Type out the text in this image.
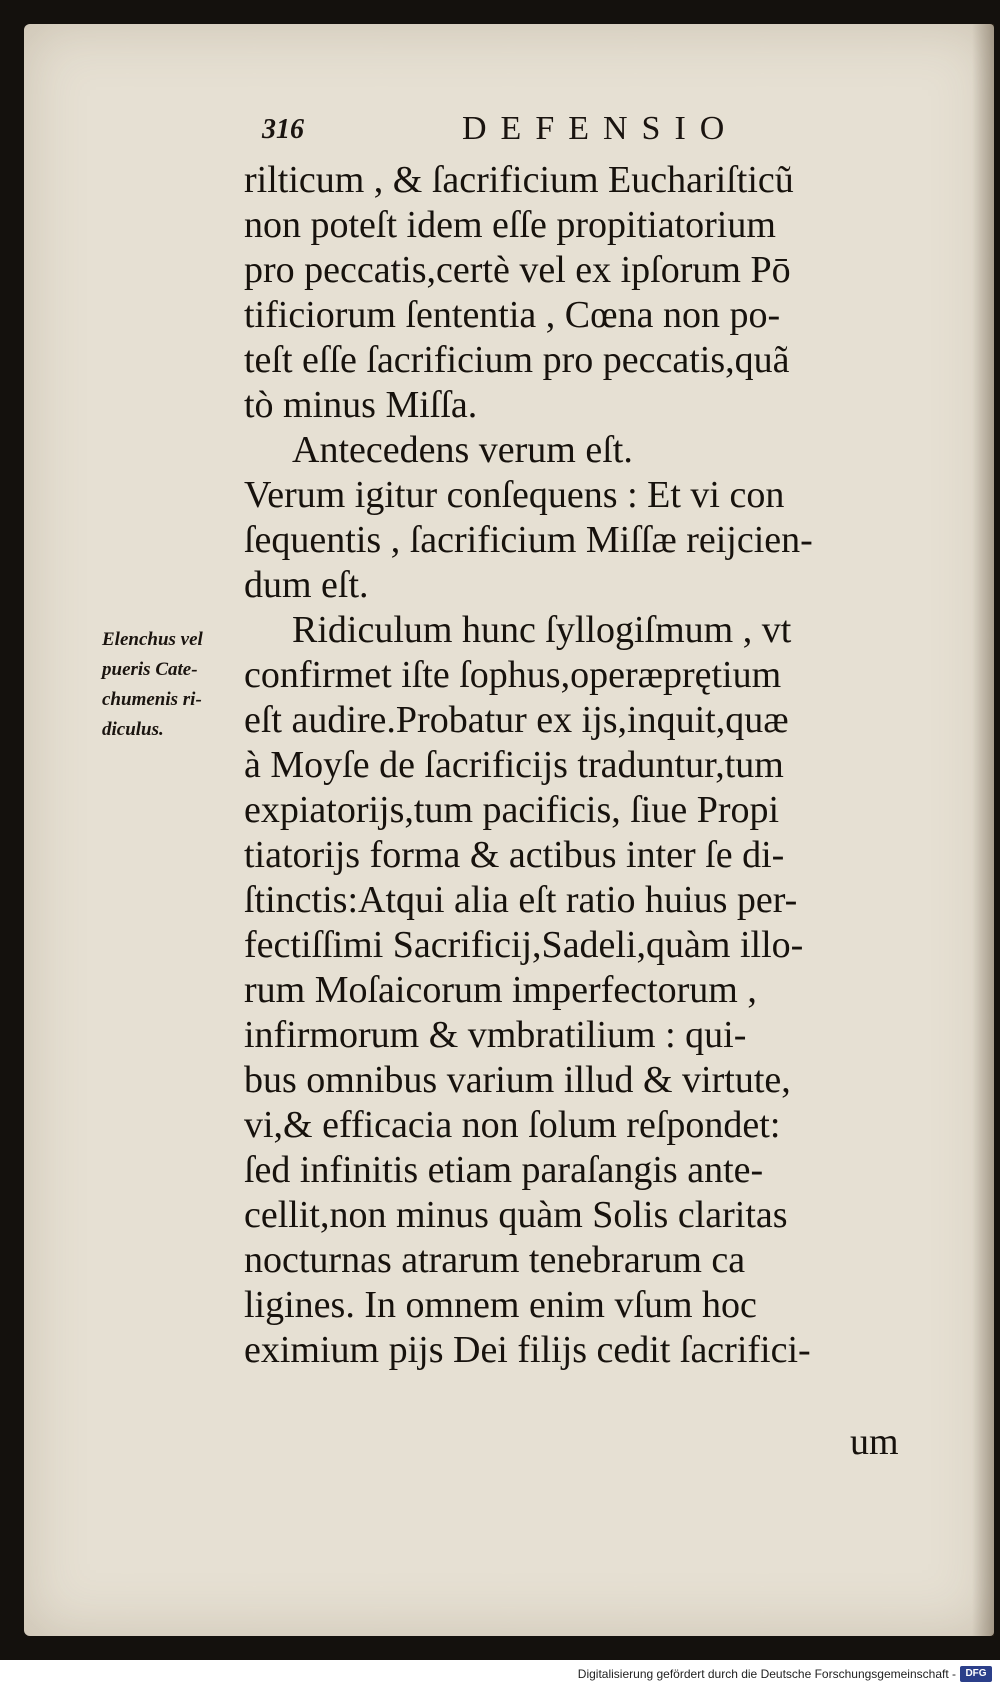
316	DEFENSIO
Elenchus vel
pueris Cate-
chumenis ri-
diculus.
rilticum , & ſacrificium Euchariſticũ
non poteſt idem eſſe propitiatorium
pro peccatis,certè vel ex ipſorum Pō
tificiorum ſententia , Cœna non po-
teſt eſſe ſacrificium pro peccatis,quã
tò minus Miſſa.
Antecedens verum eſt.
Verum igitur conſequens : Et vi con
ſequentis , ſacrificium Miſſæ reijcien-
dum eſt.
Ridiculum hunc ſyllogiſmum , vt
confirmet iſte ſophus,operæprętium
eſt audire.Probatur ex ijs,inquit,quæ
à Moyſe de ſacrificijs traduntur,tum
expiatorijs,tum pacificis, ſiue Propi
tiatorijs forma & actibus inter ſe di-
ſtinctis:Atqui alia eſt ratio huius per-
fectiſſimi Sacrificij,Sadeli,quàm illo-
rum Moſaicorum imperfectorum ,
infirmorum & vmbratilium : qui-
bus omnibus varium illud & virtute,
vi,& efficacia non ſolum reſpondet:
ſed infinitis etiam paraſangis ante-
cellit,non minus quàm Solis claritas
nocturnas atrarum tenebrarum ca
ligines. In omnem enim vſum hoc
eximium pijs Dei filijs cedit ſacrifici-
um
Digitalisierung gefördert durch die Deutsche Forschungsgemeinschaft - DFG
